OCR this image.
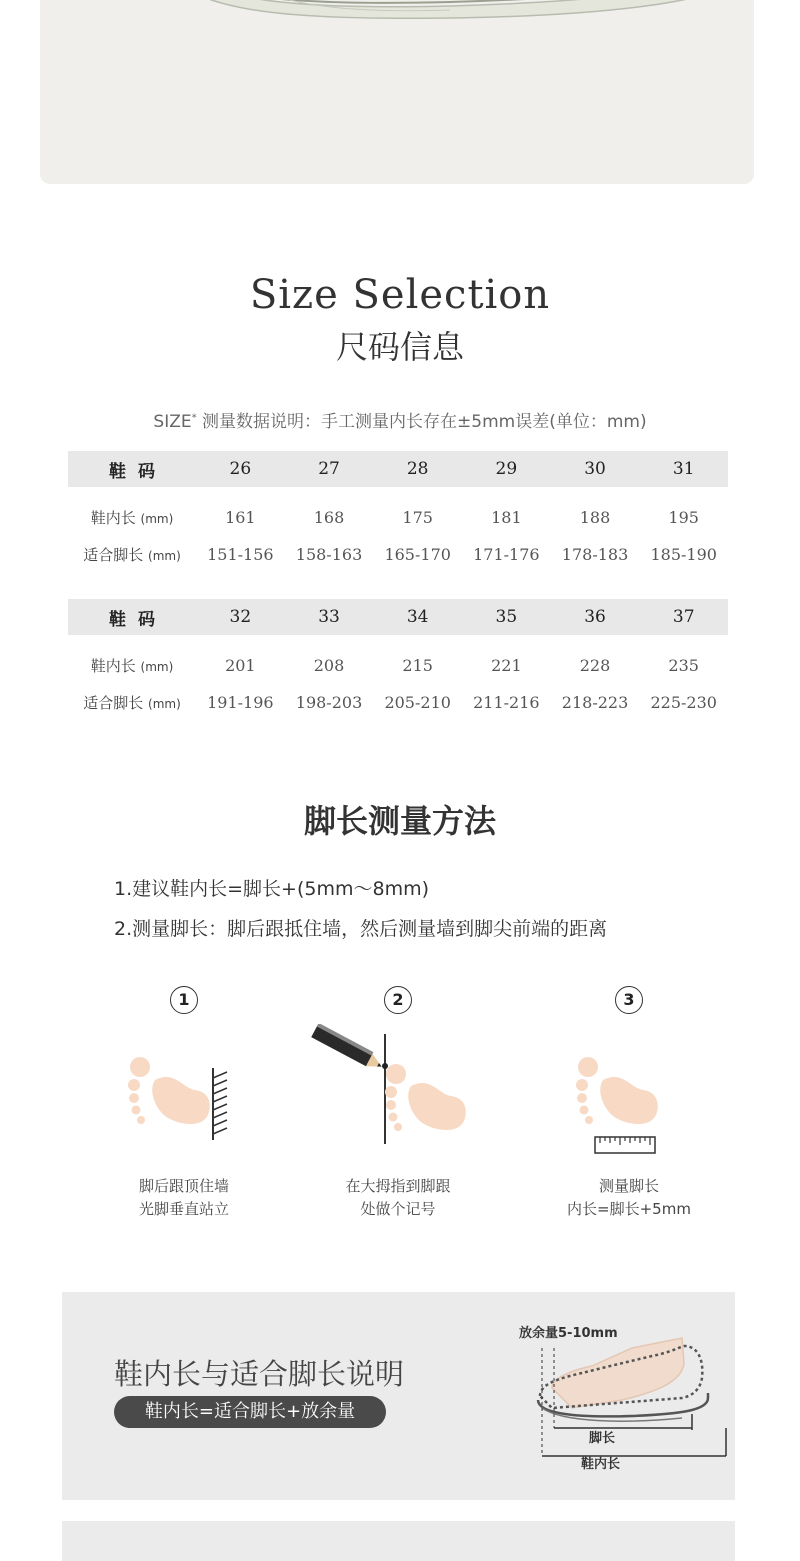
Size Selection
尺码信息
SIZE* 测量数据说明：手工测量内长存在±5mm误差(单位：mm)
鞋码	26	27	28	29	30	31
鞋内长 (mm)	161	168	175	181	188	195
适合脚长 (mm)	151-156	158-163	165-170	171-176	178-183	185-190
鞋码	32	33	34	35	36	37
鞋内长 (mm)	201	208	215	221	228	235
适合脚长 (mm)	191-196	198-203	205-210	211-216	218-223	225-230
脚长测量方法
1.建议鞋内长=脚长+(5mm～8mm)
2.测量脚长：脚后跟抵住墙，然后测量墙到脚尖前端的距离
1
脚后跟顶住墙
光脚垂直站立
2
在大拇指到脚跟
处做个记号
3
测量脚长
内长=脚长+5mm
鞋内长与适合脚长说明
鞋内长=适合脚长+放余量
放余量5-10mm
脚长
鞋内长
